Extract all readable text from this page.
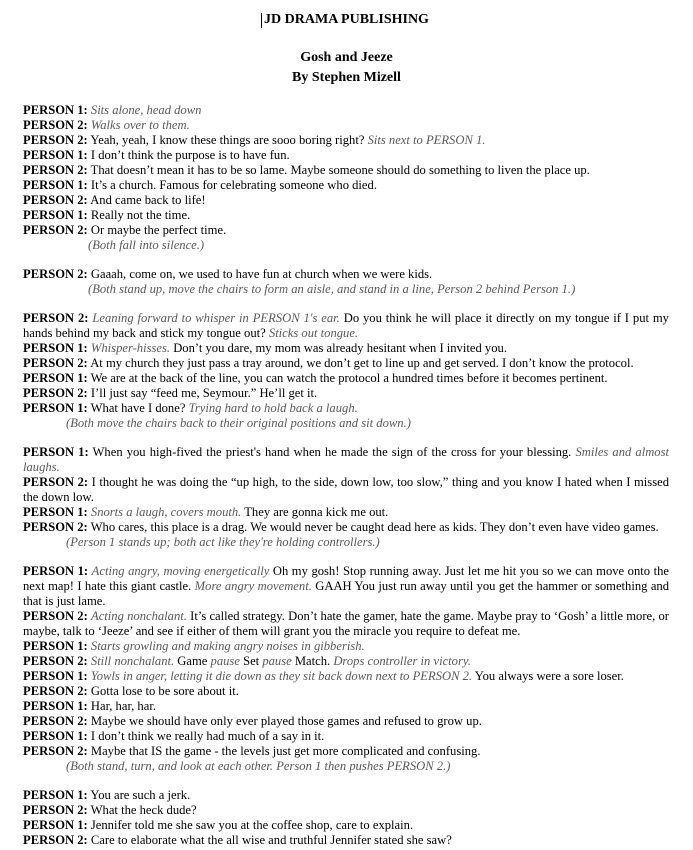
JD DRAMA PUBLISHING
Gosh and Jeeze
By Stephen Mizell

PERSON 1: Sits alone, head down

PERSON 2: Walks over to them.

PERSON 2: Yeah, yeah, I know these things are sooo boring right? Sits next to PERSON 1.

PERSON 1: I don’t think the purpose is to have fun.

PERSON 2: That doesn’t mean it has to be so lame. Maybe someone should do something to liven the place up.

PERSON 1: It’s a church. Famous for celebrating someone who died.

PERSON 2: And came back to life!

PERSON 1: Really not the time.

PERSON 2: Or maybe the perfect time.

(Both fall into silence.)

PERSON 2: Gaaah, come on, we used to have fun at church when we were kids.

(Both stand up, move the chairs to form an aisle, and stand in a line, Person 2 behind Person 1.)

PERSON 2: Leaning forward to whisper in PERSON 1's ear. Do you think he will place it directly on my tongue if I put my hands behind my back and stick my tongue out? Sticks out tongue.

PERSON 1: Whisper-hisses. Don’t you dare, my mom was already hesitant when I invited you.

PERSON 2: At my church they just pass a tray around, we don’t get to line up and get served. I don’t know the protocol.

PERSON 1: We are at the back of the line, you can watch the protocol a hundred times before it becomes pertinent.

PERSON 2: I’ll just say “feed me, Seymour.” He’ll get it.

PERSON 1: What have I done? Trying hard to hold back a laugh.

(Both move the chairs back to their original positions and sit down.)

PERSON 1: When you high-fived the priest's hand when he made the sign of the cross for your blessing. Smiles and almost laughs.

PERSON 2: I thought he was doing the “up high, to the side, down low, too slow,” thing and you know I hated when I missed the down low.

PERSON 1: Snorts a laugh, covers mouth. They are gonna kick me out.

PERSON 2: Who cares, this place is a drag. We would never be caught dead here as kids. They don’t even have video games.

(Person 1 stands up; both act like they're holding controllers.)

PERSON 1: Acting angry, moving energetically Oh my gosh! Stop running away. Just let me hit you so we can move onto the next map! I hate this giant castle. More angry movement. GAAH You just run away until you get the hammer or something and that is just lame.

PERSON 2: Acting nonchalant. It’s called strategy. Don’t hate the gamer, hate the game. Maybe pray to ‘Gosh’ a little more, or maybe, talk to ‘Jeeze’ and see if either of them will grant you the miracle you require to defeat me.

PERSON 1: Starts growling and making angry noises in gibberish.

PERSON 2: Still nonchalant. Game pause Set pause Match. Drops controller in victory.

PERSON 1: Yowls in anger, letting it die down as they sit back down next to PERSON 2. You always were a sore loser.

PERSON 2: Gotta lose to be sore about it.

PERSON 1: Har, har, har.

PERSON 2: Maybe we should have only ever played those games and refused to grow up.

PERSON 1: I don’t think we really had much of a say in it.

PERSON 2: Maybe that IS the game - the levels just get more complicated and confusing.

(Both stand, turn, and look at each other. Person 1 then pushes PERSON 2.)

PERSON 1: You are such a jerk.

PERSON 2: What the heck dude?

PERSON 1: Jennifer told me she saw you at the coffee shop, care to explain.

PERSON 2: Care to elaborate what the all wise and truthful Jennifer stated she saw?
